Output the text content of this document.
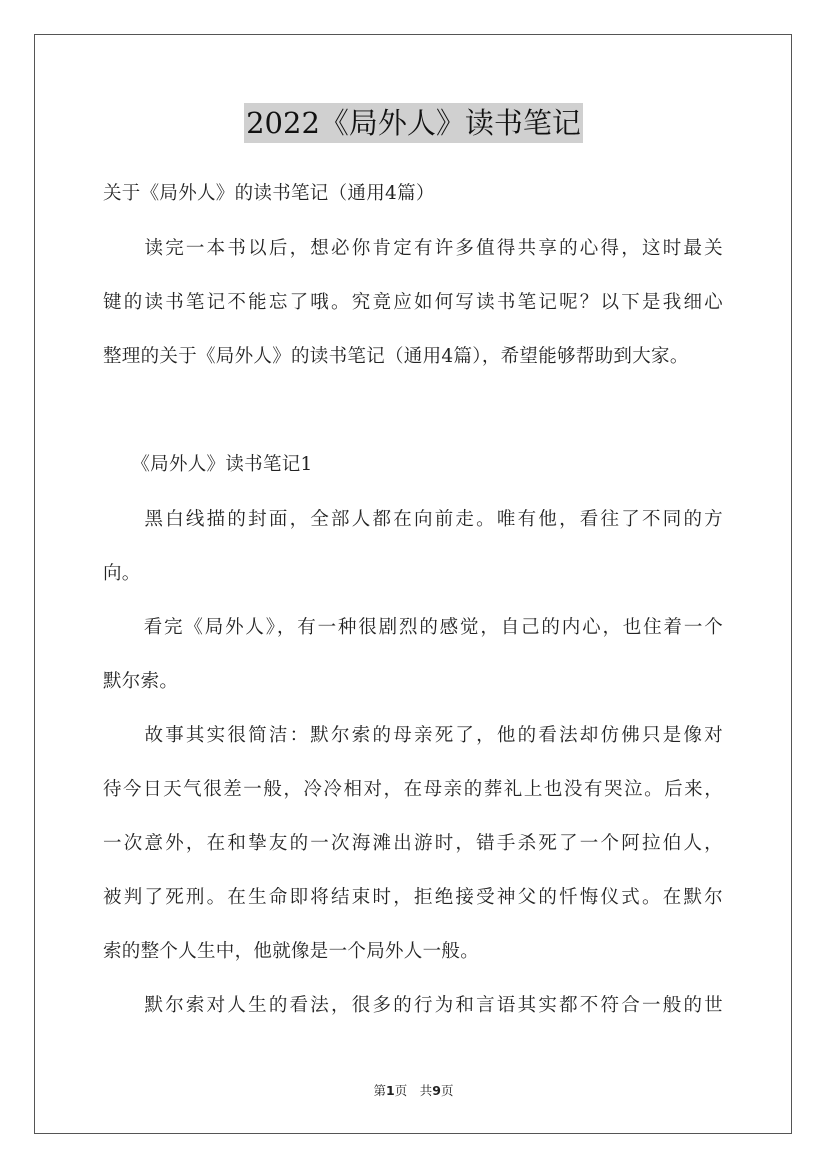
2022《局外人》读书笔记
关于《局外人》的读书笔记（通用4篇）
　　读完一本书以后，想必你肯定有许多值得共享的心得，这时最关
键的读书笔记不能忘了哦。究竟应如何写读书笔记呢？以下是我细心
整理的关于《局外人》的读书笔记（通用4篇），希望能够帮助到大家。
　　《局外人》读书笔记1
　　黑白线描的封面，全部人都在向前走。唯有他，看往了不同的方
向。
　　看完《局外人》，有一种很剧烈的感觉，自己的内心，也住着一个
默尔索。
　　故事其实很简洁：默尔索的母亲死了，他的看法却仿佛只是像对
待今日天气很差一般，冷冷相对，在母亲的葬礼上也没有哭泣。后来，
一次意外，在和挚友的一次海滩出游时，错手杀死了一个阿拉伯人，
被判了死刑。在生命即将结束时，拒绝接受神父的忏悔仪式。在默尔
索的整个人生中，他就像是一个局外人一般。
　　默尔索对人生的看法，很多的行为和言语其实都不符合一般的世
第1页　共9页
